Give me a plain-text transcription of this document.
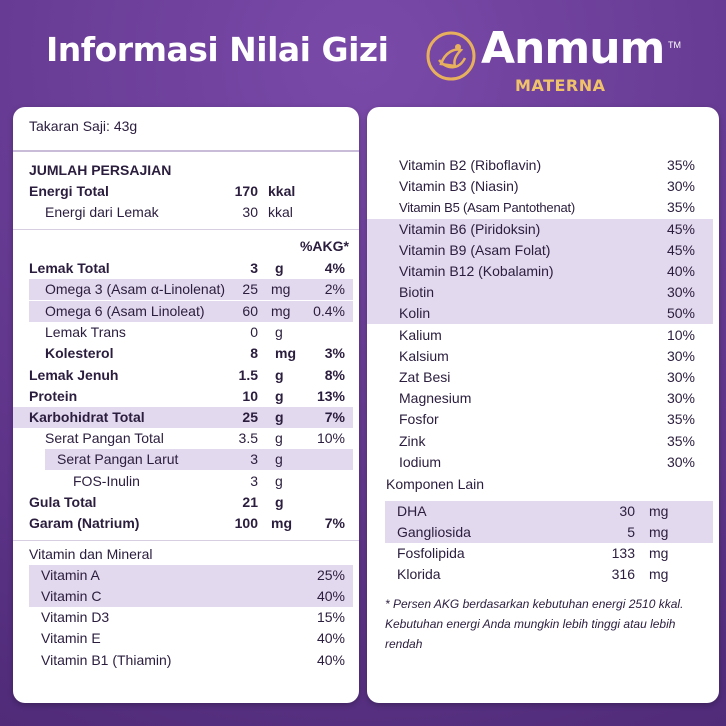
Informasi Nilai Gizi Anmum TM
MATERNA
Takaran Saji: 43g
JUMLAH PERSAJIAN
Energi Total	170 kkal
Energi dari Lemak	30 kkal
%AKG*
Lemak Total	3 g	4%
Omega 3 (Asam α-Linolenat)	25 mg	2%
Omega 6 (Asam Linoleat)	60 mg	0.4%
Lemak Trans	0 g
Kolesterol	8 mg	3%
Lemak Jenuh	1.5 g	8%
Protein	10 g	13%
Karbohidrat Total	25 g	7%
Serat Pangan Total	3.5 g	10%
Serat Pangan Larut	3 g
FOS-Inulin	3 g
Gula Total	21 g
Garam (Natrium)	100 mg	7%
Vitamin dan Mineral
Vitamin A	25%
Vitamin C	40%
Vitamin D3	15%
Vitamin E	40%
Vitamin B1 (Thiamin)	40%
Vitamin B2 (Riboflavin)	35%
Vitamin B3 (Niasin)	30%
Vitamin B5 (Asam Pantothenat)	35%
Vitamin B6 (Piridoksin)	45%
Vitamin B9 (Asam Folat)	45%
Vitamin B12 (Kobalamin)	40%
Biotin	30%
Kolin	50%
Kalium	10%
Kalsium	30%
Zat Besi	30%
Magnesium	30%
Fosfor	35%
Zink	35%
Iodium	30%
Komponen Lain
DHA	30 mg
Gangliosida	5 mg
Fosfolipida	133 mg
Klorida	316 mg
* Persen AKG berdasarkan kebutuhan energi 2510 kkal. Kebutuhan energi Anda mungkin lebih tinggi atau lebih rendah
